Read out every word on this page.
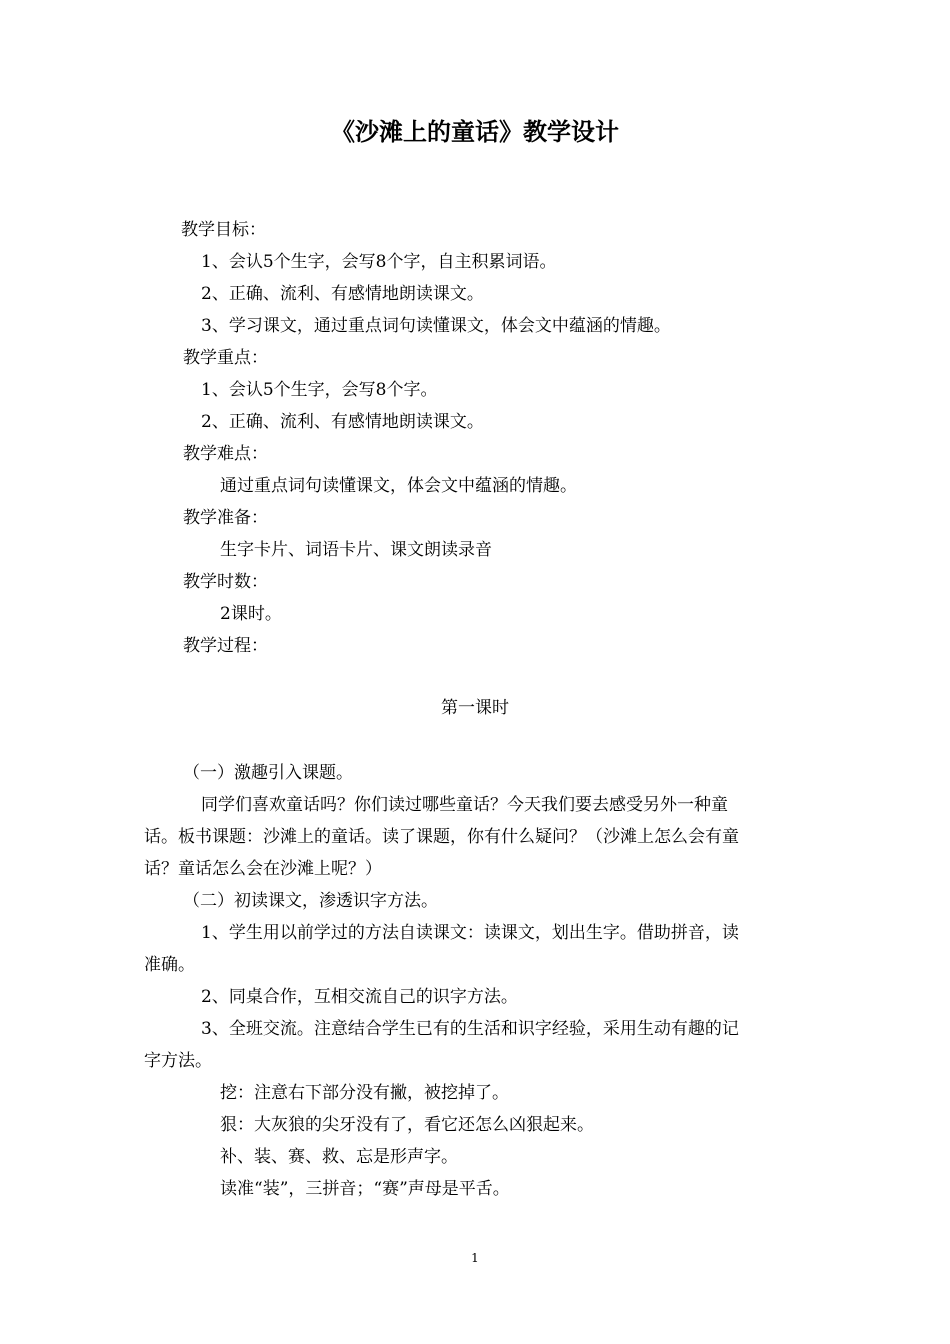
《沙滩上的童话》教学设计
教学目标：
1、会认5个生字，会写8个字，自主积累词语。
2、正确、流利、有感情地朗读课文。
3、学习课文，通过重点词句读懂课文，体会文中蕴涵的情趣。
教学重点：
1、会认5个生字，会写8个字。
2、正确、流利、有感情地朗读课文。
教学难点：
通过重点词句读懂课文，体会文中蕴涵的情趣。
教学准备：
生字卡片、词语卡片、课文朗读录音
教学时数：
2课时。
教学过程：
第一课时
（一）激趣引入课题。
同学们喜欢童话吗？你们读过哪些童话？今天我们要去感受另外一种童
话。板书课题：沙滩上的童话。读了课题，你有什么疑问？（沙滩上怎么会有童
话？童话怎么会在沙滩上呢？）
（二）初读课文，渗透识字方法。
1、学生用以前学过的方法自读课文：读课文，划出生字。借助拼音，读
准确。
2、同桌合作，互相交流自己的识字方法。
3、全班交流。注意结合学生已有的生活和识字经验，采用生动有趣的记
字方法。
挖：注意右下部分没有撇，被挖掉了。
狠：大灰狼的尖牙没有了，看它还怎么凶狠起来。
补、装、赛、救、忘是形声字。
读准“装”，三拼音；“赛”声母是平舌。
1
